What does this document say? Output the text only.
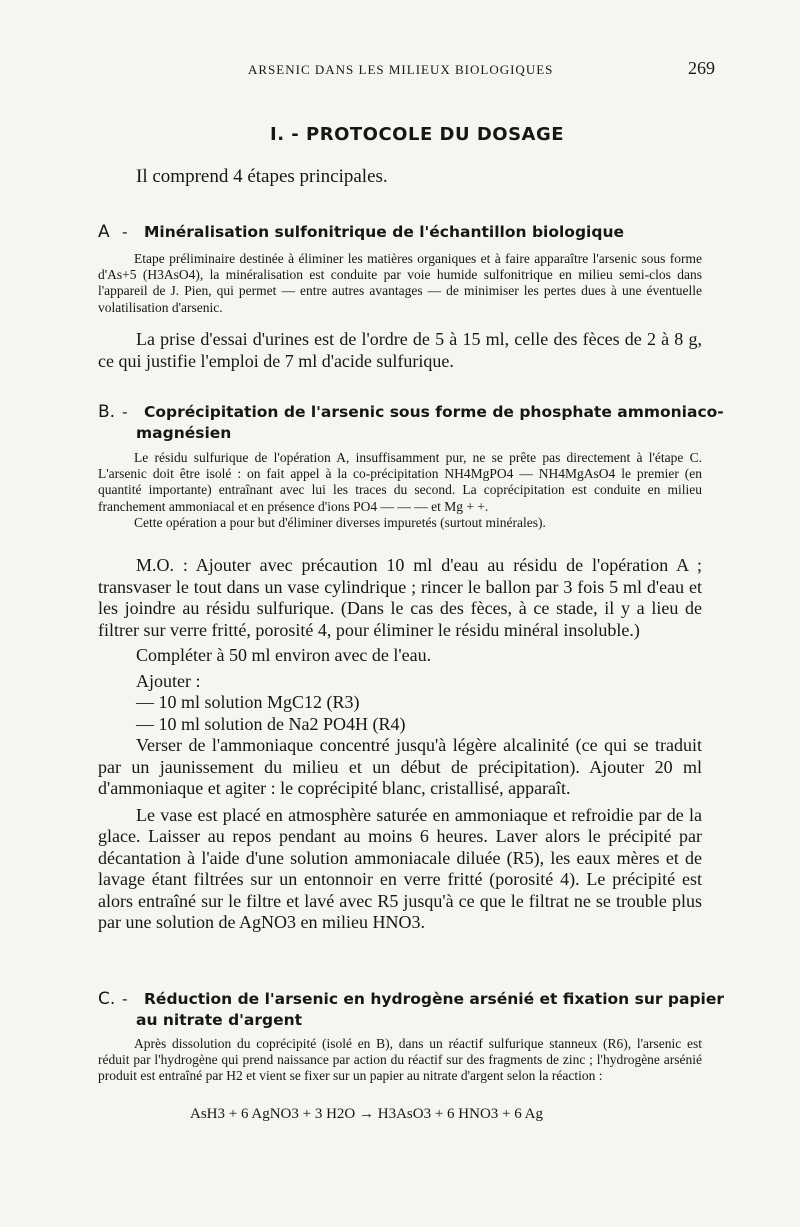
ARSENIC DANS LES MILIEUX BIOLOGIQUES	269
I. - PROTOCOLE DU DOSAGE
Il comprend 4 étapes principales.
A - Minéralisation sulfonitrique de l'échantillon biologique

Etape préliminaire destinée à éliminer les matières organiques et à faire apparaître l'arsenic sous forme d'As+5 (H3AsO4), la minéralisation est conduite par voie humide sulfonitrique en milieu semi-clos dans l'appareil de J. Pien, qui permet — entre autres avantages — de minimiser les pertes dues à une éventuelle volatilisation d'arsenic.

La prise d'essai d'urines est de l'ordre de 5 à 15 ml, celle des fèces de 2 à 8 g, ce qui justifie l'emploi de 7 ml d'acide sulfurique.

B. - Coprécipitation de l'arsenic sous forme de phosphate ammoniaco-
magnésien

Le résidu sulfurique de l'opération A, insuffisamment pur, ne se prête pas directement à l'étape C. L'arsenic doit être isolé : on fait appel à la co-précipitation NH4MgPO4 — NH4MgAsO4 le premier (en quantité importante) entraînant avec lui les traces du second. La coprécipitation est conduite en milieu franchement ammoniacal et en présence d'ions PO4 — — — et Mg + +.

Cette opération a pour but d'éliminer diverses impuretés (surtout minérales).

M.O. : Ajouter avec précaution 10 ml d'eau au résidu de l'opération A ; transvaser le tout dans un vase cylindrique ; rincer le ballon par 3 fois 5 ml d'eau et les joindre au résidu sulfurique. (Dans le cas des fèces, à ce stade, il y a lieu de filtrer sur verre fritté, porosité 4, pour éliminer le résidu minéral insoluble.)

Compléter à 50 ml environ avec de l'eau.

Ajouter :

— 10 ml solution MgC12 (R3)

— 10 ml solution de Na2 PO4H (R4)

Verser de l'ammoniaque concentré jusqu'à légère alcalinité (ce qui se traduit par un jaunissement du milieu et un début de précipitation). Ajouter 20 ml d'ammoniaque et agiter : le coprécipité blanc, cristallisé, apparaît.

Le vase est placé en atmosphère saturée en ammoniaque et refroidie par de la glace. Laisser au repos pendant au moins 6 heures. Laver alors le précipité par décantation à l'aide d'une solution ammoniacale diluée (R5), les eaux mères et de lavage étant filtrées sur un entonnoir en verre fritté (porosité 4). Le précipité est alors entraîné sur le filtre et lavé avec R5 jusqu'à ce que le filtrat ne se trouble plus par une solution de AgNO3 en milieu HNO3.

C. - Réduction de l'arsenic en hydrogène arsénié et fixation sur papier
au nitrate d'argent

Après dissolution du coprécipité (isolé en B), dans un réactif sulfurique stanneux (R6), l'arsenic est réduit par l'hydrogène qui prend naissance par action du réactif sur des fragments de zinc ; l'hydrogène arsénié produit est entraîné par H2 et vient se fixer sur un papier au nitrate d'argent selon la réaction :

AsH3 + 6 AgNO3 + 3 H2O → H3AsO3 + 6 HNO3 + 6 Ag
